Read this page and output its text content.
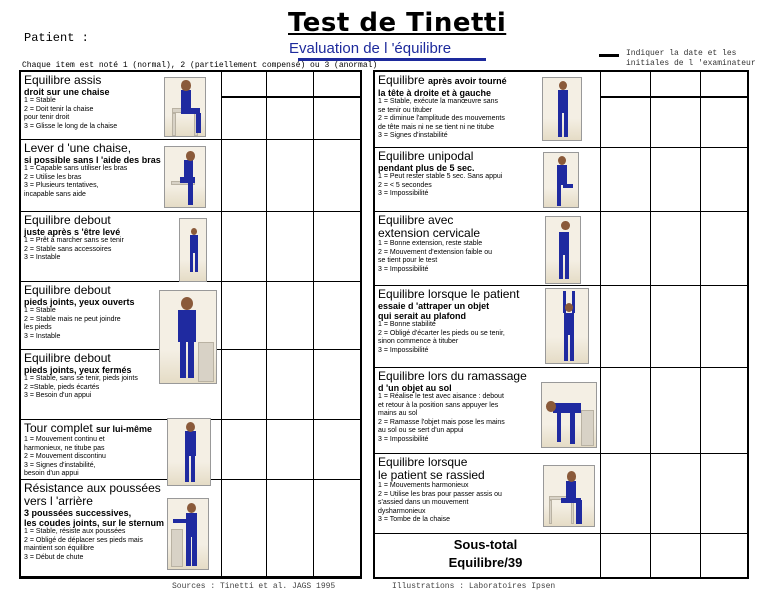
Patient :	Test de Tinetti
Evaluation de l 'équilibre	Indiquer la date et les initiales de l 'examinateur
Chaque item est noté 1 (normal), 2 (partiellement compensé) ou 3 (anormal)
Equilibre assis
droit sur une chaise
1 = Stable
2 = Doit tenir la chaise
pour tenir droit
3 = Glisse le long de la chaise
Lever d 'une chaise,
si possible sans l 'aide des bras
1 = Capable sans utiliser les bras
2 = Utilise les bras
3 = Plusieurs tentatives,
incapable sans aide
Equilibre debout
juste après s 'être levé
1 = Prêt à marcher sans se tenir
2 = Stable sans accessoires
3 = Instable
Equilibre debout
pieds joints, yeux ouverts
1 = Stable
2 = Stable mais ne peut joindre
les pieds
3 = Instable
Equilibre debout
pieds joints, yeux fermés
1 = Stable, sans se tenir, pieds joints
2 =Stable, pieds écartés
3 = Besoin d'un appui
Tour complet sur lui-même
1 = Mouvement continu et
harmonieux, ne titube pas
2 = Mouvement discontinu
3 = Signes d'instabilité,
besoin d'un appui
Résistance aux poussées
vers l 'arrière
3 poussées successives,
les coudes joints, sur le sternum
1 = Stable, résiste aux poussées
2 = Obligé de déplacer ses pieds mais
maintient son équilibre
3 = Début de chute
Equilibre après avoir tourné
la tête à droite et à gauche
1 = Stable, exécute la manœuvre sans
se tenir ou tituber
2 = diminue l'amplitude des mouvements
de tête mais ni ne se tient ni ne titube
3 = Signes d'instabilité
Equilibre unipodal
pendant plus de 5 sec.
1 = Peut rester stable 5 sec. Sans appui
2 = < 5 secondes
3 = Impossibilité
Equilibre avec
extension cervicale
1 = Bonne extension, reste stable
2 = Mouvement d'extension faible ou
se tient pour le test
3 = Impossibilité
Equilibre lorsque le patient
essaie d 'attraper un objet
qui serait au plafond
1 = Bonne stabilité
2 = Obligé d'écarter les pieds ou se tenir,
sinon commence à tituber
3 = Impossibilité
Equilibre lors du ramassage
d 'un objet au sol
1 = Réalise le test avec aisance : debout
et retour à la position sans appuyer les
mains au sol
2 = Ramasse l'objet mais pose les mains
au sol ou se sert d'un appui
3 = Impossibilité
Equilibre lorsque
le patient se rassied
1 = Mouvements harmonieux
2 = Utilise les bras pour passer assis ou
s'assied dans un mouvement
dysharmonieux
3 = Tombe de la chaise
Sous-total
Equilibre/39
Sources : Tinetti et al. JAGS 1995	Illustrations : Laboratoires Ipsen
